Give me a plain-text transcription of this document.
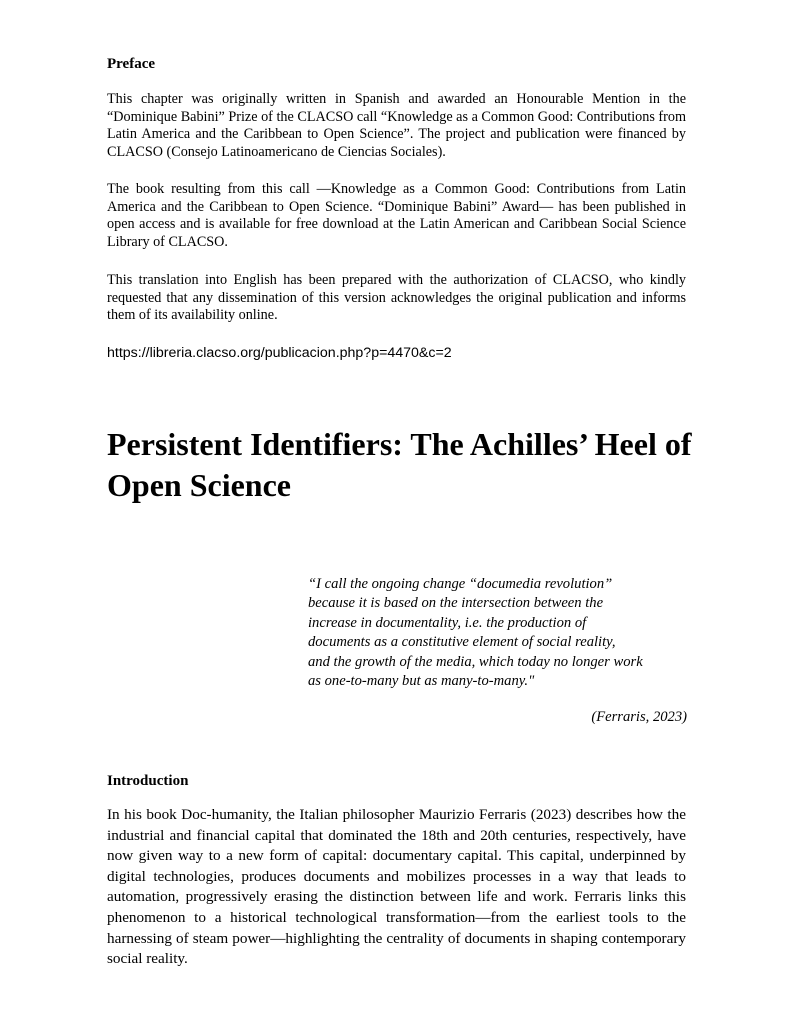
Preface

This chapter was originally written in Spanish and awarded an Honourable Mention in the “Dominique Babini” Prize of the CLACSO call “Knowledge as a Common Good: Contributions from Latin America and the Caribbean to Open Science”. The project and publication were financed by CLACSO (Consejo Latinoamericano de Ciencias Sociales).

The book resulting from this call —Knowledge as a Common Good: Contributions from Latin America and the Caribbean to Open Science. “Dominique Babini” Award— has been published in open access and is available for free download at the Latin American and Caribbean Social Science Library of CLACSO.

This translation into English has been prepared with the authorization of CLACSO, who kindly requested that any dissemination of this version acknowledges the original publication and informs them of its availability online.

https://libreria.clacso.org/publicacion.php?p=4470&c=2

Persistent Identifiers: The Achilles’ Heel of Open Science
“I call the ongoing change “documedia revolution”
because it is based on the intersection between the
increase in documentality, i.e. the production of
documents as a constitutive element of social reality,
and the growth of the media, which today no longer work
as one-to-many but as many-to-many."

(Ferraris, 2023)

Introduction

In his book Doc-humanity, the Italian philosopher Maurizio Ferraris (2023) describes how the industrial and financial capital that dominated the 18th and 20th centuries, respectively, have now given way to a new form of capital: documentary capital. This capital, underpinned by digital technologies, produces documents and mobilizes processes in a way that leads to automation, progressively erasing the distinction between life and work. Ferraris links this phenomenon to a historical technological transformation—from the earliest tools to the harnessing of steam power—highlighting the centrality of documents in shaping contemporary social reality.
